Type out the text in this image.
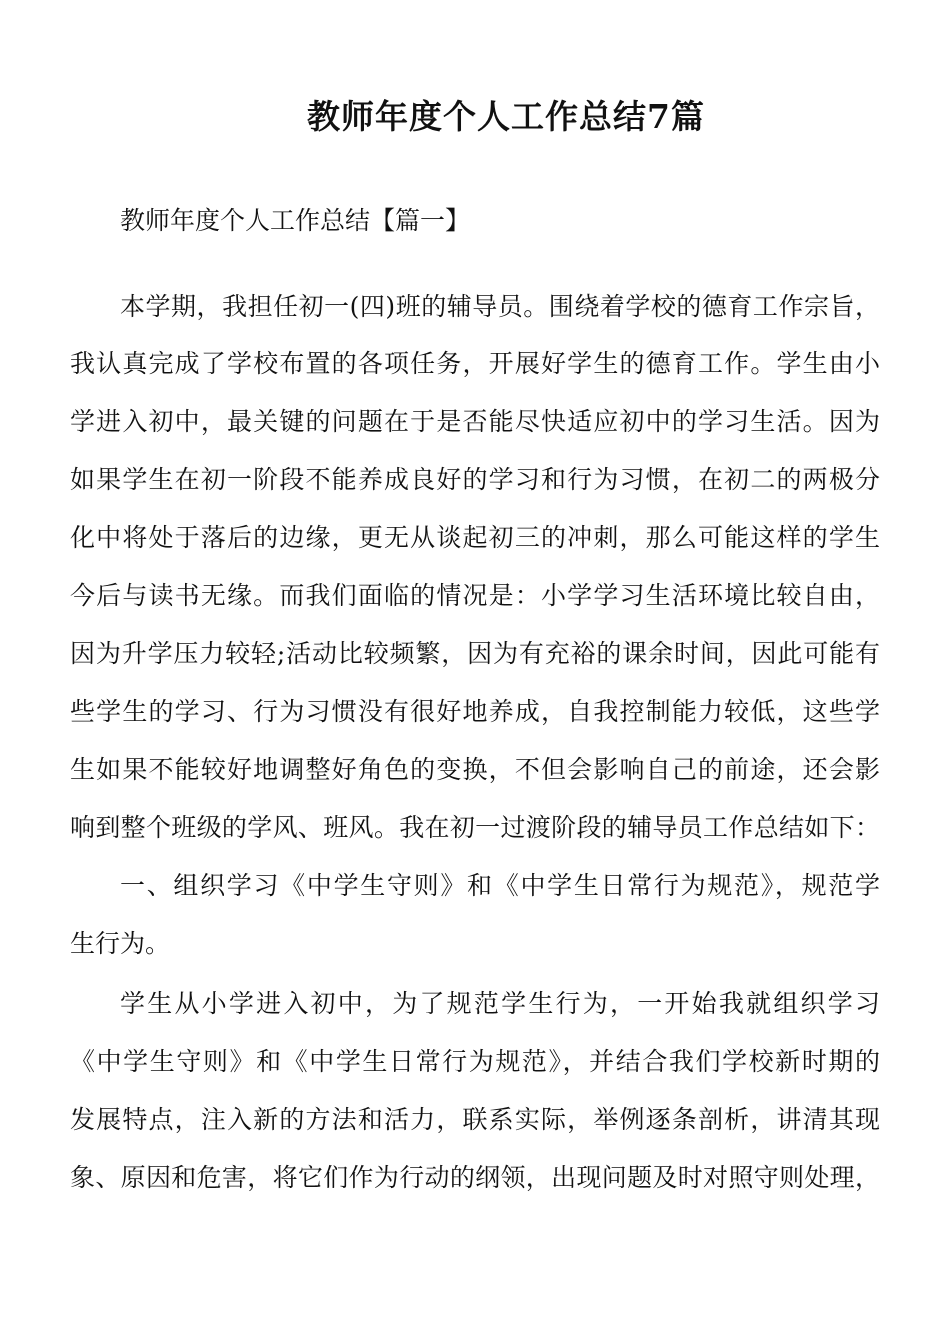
教师年度个人工作总结7篇
教师年度个人工作总结【篇一】
本学期，我担任初一(四)班的辅导员。围绕着学校的德育工作宗旨，
我认真完成了学校布置的各项任务，开展好学生的德育工作。学生由小
学进入初中，最关键的问题在于是否能尽快适应初中的学习生活。因为
如果学生在初一阶段不能养成良好的学习和行为习惯，在初二的两极分
化中将处于落后的边缘，更无从谈起初三的冲刺，那么可能这样的学生
今后与读书无缘。而我们面临的情况是：小学学习生活环境比较自由，
因为升学压力较轻;活动比较频繁，因为有充裕的课余时间，因此可能有
些学生的学习、行为习惯没有很好地养成，自我控制能力较低，这些学
生如果不能较好地调整好角色的变换，不但会影响自己的前途，还会影
响到整个班级的学风、班风。我在初一过渡阶段的辅导员工作总结如下：
一、组织学习《中学生守则》和《中学生日常行为规范》，规范学
生行为。
学生从小学进入初中，为了规范学生行为，一开始我就组织学习
《中学生守则》和《中学生日常行为规范》，并结合我们学校新时期的
发展特点，注入新的方法和活力，联系实际，举例逐条剖析，讲清其现
象、原因和危害，将它们作为行动的纲领，出现问题及时对照守则处理，
